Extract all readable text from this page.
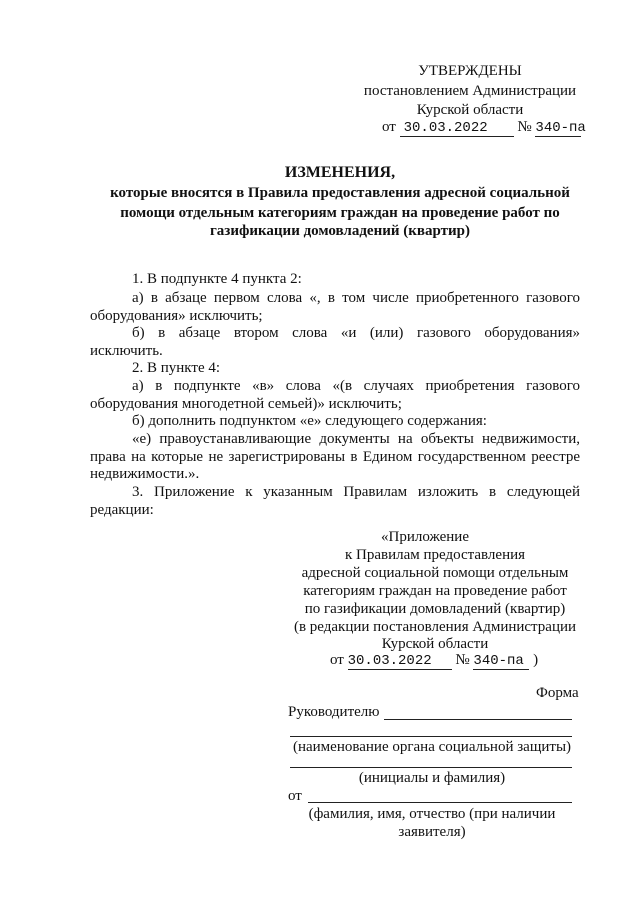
УТВЕРЖДЕНЫ
постановлением Администрации
Курской области
от 30.03.2022 № 340-па
ИЗМЕНЕНИЯ,
которые вносятся в Правила предоставления адресной социальной
помощи отдельным категориям граждан на проведение работ по
газификации домовладений (квартир)
1. В подпункте 4 пункта 2:
а) в абзаце первом слова «, в том числе приобретенного газового
оборудования» исключить;
б) в абзаце втором слова «и (или) газового оборудования»
исключить.
2. В пункте 4:
а) в подпункте «в» слова «(в случаях приобретения газового
оборудования многодетной семьей)» исключить;
б) дополнить подпунктом «е» следующего содержания:
«е) правоустанавливающие документы на объекты недвижимости,
права на которые не зарегистрированы в Едином государственном реестре
недвижимости.».
3. Приложение к указанным Правилам изложить в следующей
редакции:
«Приложение
к Правилам предоставления
адресной социальной помощи отдельным
категориям граждан на проведение работ
по газификации домовладений (квартир)
(в редакции постановления Администрации
Курской области
от 30.03.2022 № 340-па )
Форма
Руководителю
(наименование органа социальной защиты)
(инициалы и фамилия)
от
(фамилия, имя, отчество (при наличии
заявителя)
